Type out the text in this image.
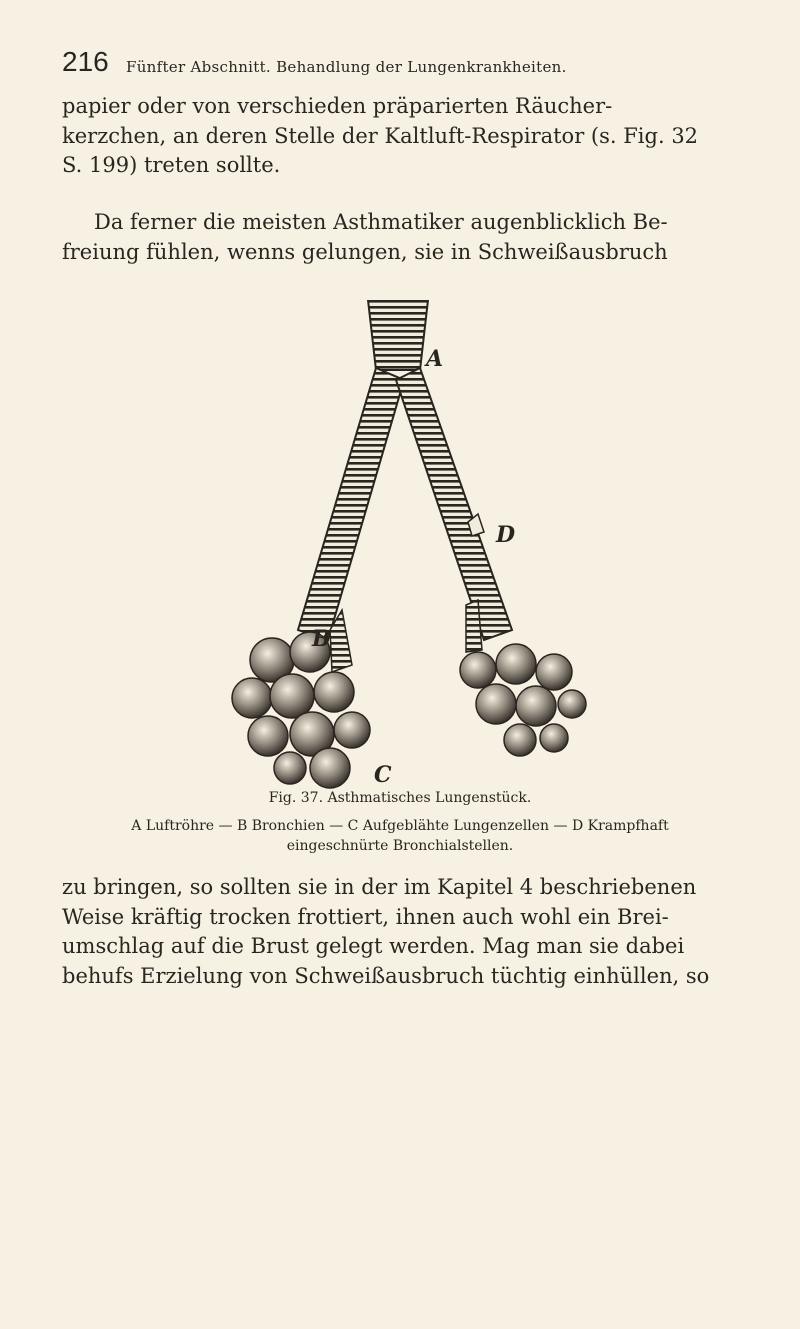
216 Fünfter Abschnitt. Behandlung der Lungenkrankheiten.

papier oder von verschieden präparierten Räucher-
kerzchen, an deren Stelle der Kaltluft-Respirator (s. Fig. 32
S. 199) treten sollte.

Da ferner die meisten Asthmatiker augenblicklich Be-
freiung fühlen, wenns gelungen, sie in Schweißausbruch

A
D
B
C
Fig. 37. Asthmatisches Lungenstück.
A Luftröhre — B Bronchien — C Aufgeblähte Lungenzellen — D Krampfhaft
eingeschnürte Bronchialstellen.

zu bringen, so sollten sie in der im Kapitel 4 beschriebenen
Weise kräftig trocken frottiert, ihnen auch wohl ein Brei-
umschlag auf die Brust gelegt werden. Mag man sie dabei
behufs Erzielung von Schweißausbruch tüchtig einhüllen, so
